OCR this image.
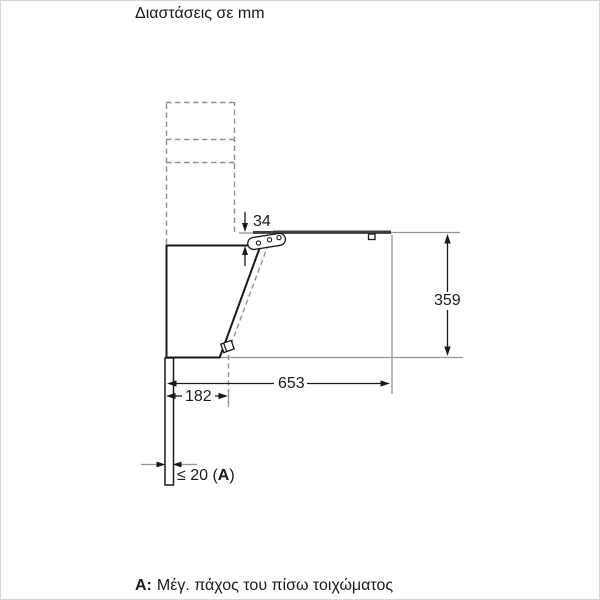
Διαστάσεις σε mm
34
359
653
182
≤ 20 (A)
A: Μέγ. πάχος του πίσω τοιχώματος
